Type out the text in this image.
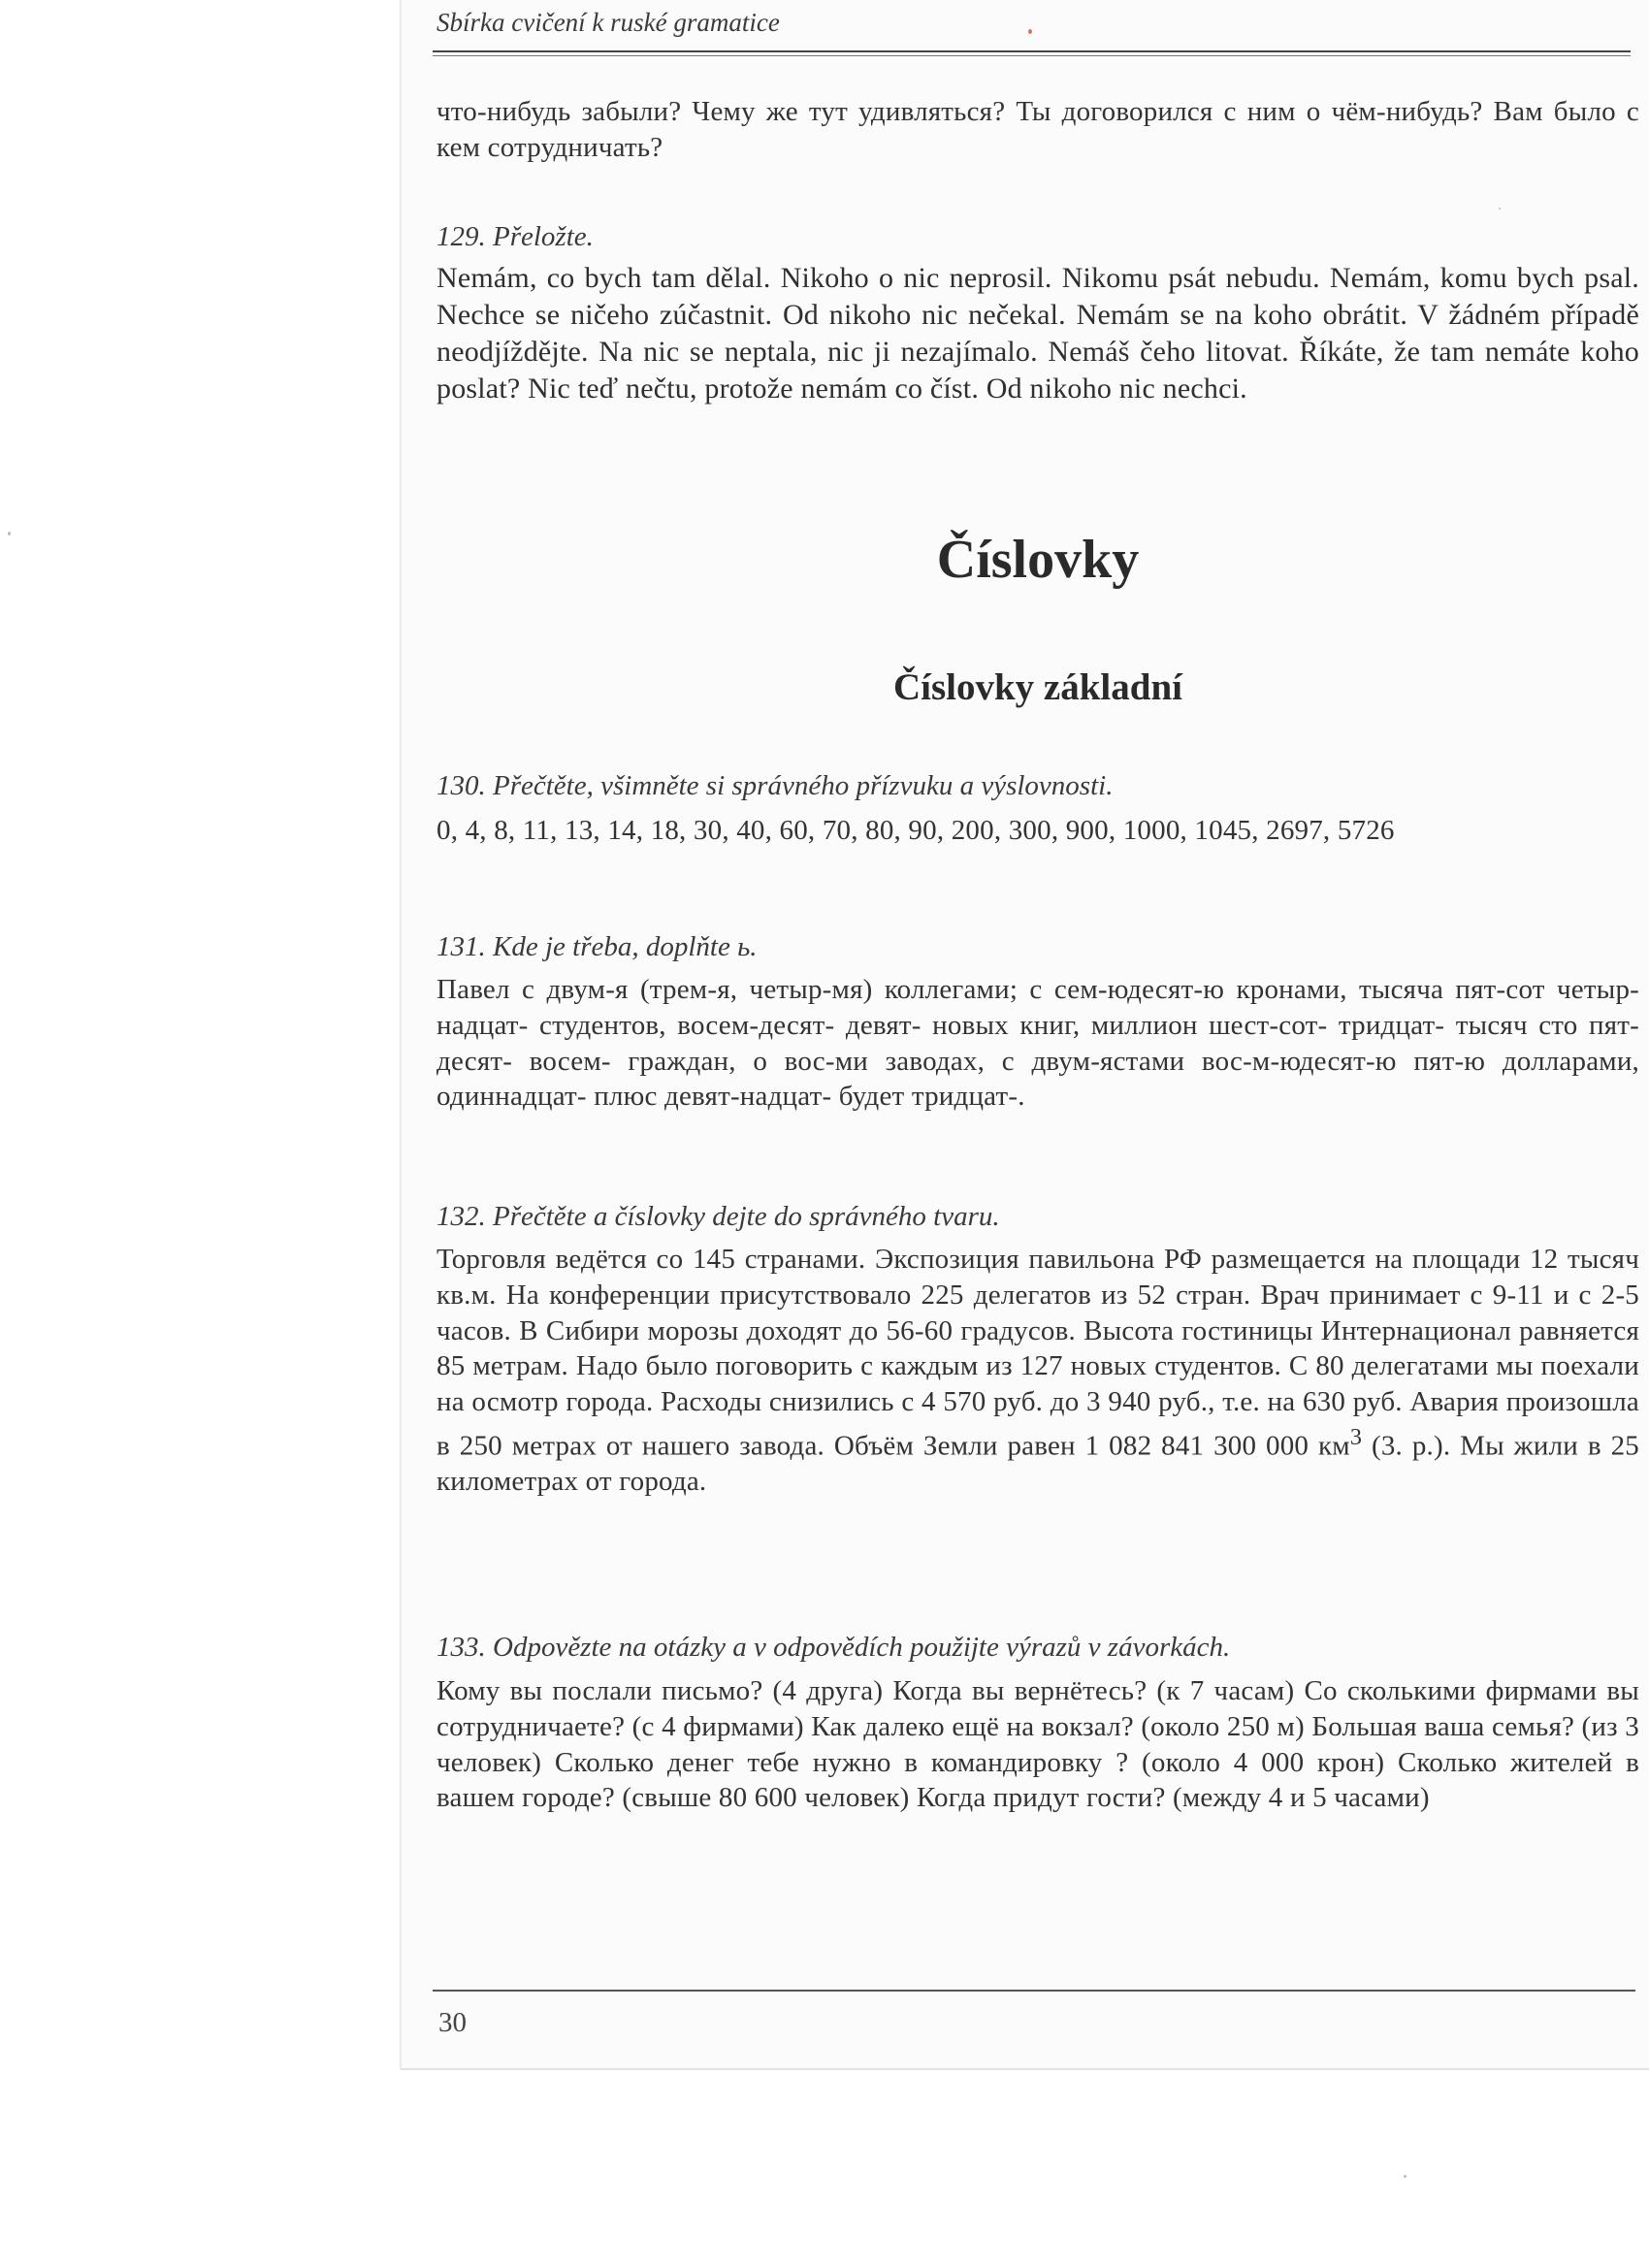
Sbírka cvičení k ruské gramatice

что-нибудь забыли? Чему же тут удивляться? Ты договорился с ним о чём-нибудь? Вам было с кем сотрудничать?

129. Přeložte.

Nemám, co bych tam dělal. Nikoho o nic neprosil. Nikomu psát nebudu. Nemám, komu bych psal. Nechce se ničeho zúčastnit. Od nikoho nic nečekal. Nemám se na koho obrátit. V žádném případě neodjíždějte. Na nic se neptala, nic ji nezajímalo. Nemáš čeho litovat. Říkáte, že tam nemáte koho poslat? Nic teď nečtu, protože nemám co číst. Od nikoho nic nechci.

Číslovky
Číslovky základní

130. Přečtěte, všimněte si správného přízvuku a výslovnosti.

0, 4, 8, 11, 13, 14, 18, 30, 40, 60, 70, 80, 90, 200, 300, 900, 1000, 1045, 2697, 5726

131. Kde je třeba, doplňte ь.

Павел с двум-я (трем-я, четыр-мя) коллегами; с сем-юдесят-ю кронами, тысяча пят-сот четыр-надцат- студентов, восем-десят- девят- новых книг, миллион шест-сот- тридцат- тысяч сто пят-десят- восем- граждан, о вос-ми заводах, с двум-ястами вос-м-юдесят-ю пят-ю долларами, одиннадцат- плюс девят-надцат- будет тридцат-.

132. Přečtěte a číslovky dejte do správného tvaru.

Торговля ведётся со 145 странами. Экспозиция павильона РФ размещается на площади 12 тысяч кв.м. На конференции присутствовало 225 делегатов из 52 стран. Врач принимает с 9-11 и с 2-5 часов. В Сибири морозы доходят до 56-60 градусов. Высота гостиницы Интернационал равняется 85 метрам. Надо было поговорить с каждым из 127 новых студентов. С 80 делегатами мы поехали на осмотр города. Расходы снизились с 4 570 руб. до 3 940 руб., т.е. на 630 руб. Авария произошла в 250 метрах от нашего завода. Объём Земли равен 1 082 841 300 000 $км^3$ (3. р.). Мы жили в 25 километрах от города.

133. Odpovězte na otázky a v odpovědích použijte výrazů v závorkách.

Кому вы послали письмо? (4 друга) Когда вы вернётесь? (к 7 часам) Со сколькими фирмами вы сотрудничаете? (с 4 фирмами) Как далеко ещё на вокзал? (около 250 м) Большая ваша семья? (из 3 человек) Сколько денег тебе нужно в командировку ? (около 4 000 крон) Сколько жителей в вашем городе? (свыше 80 600 человек) Когда придут гости? (между 4 и 5 часами)

30
